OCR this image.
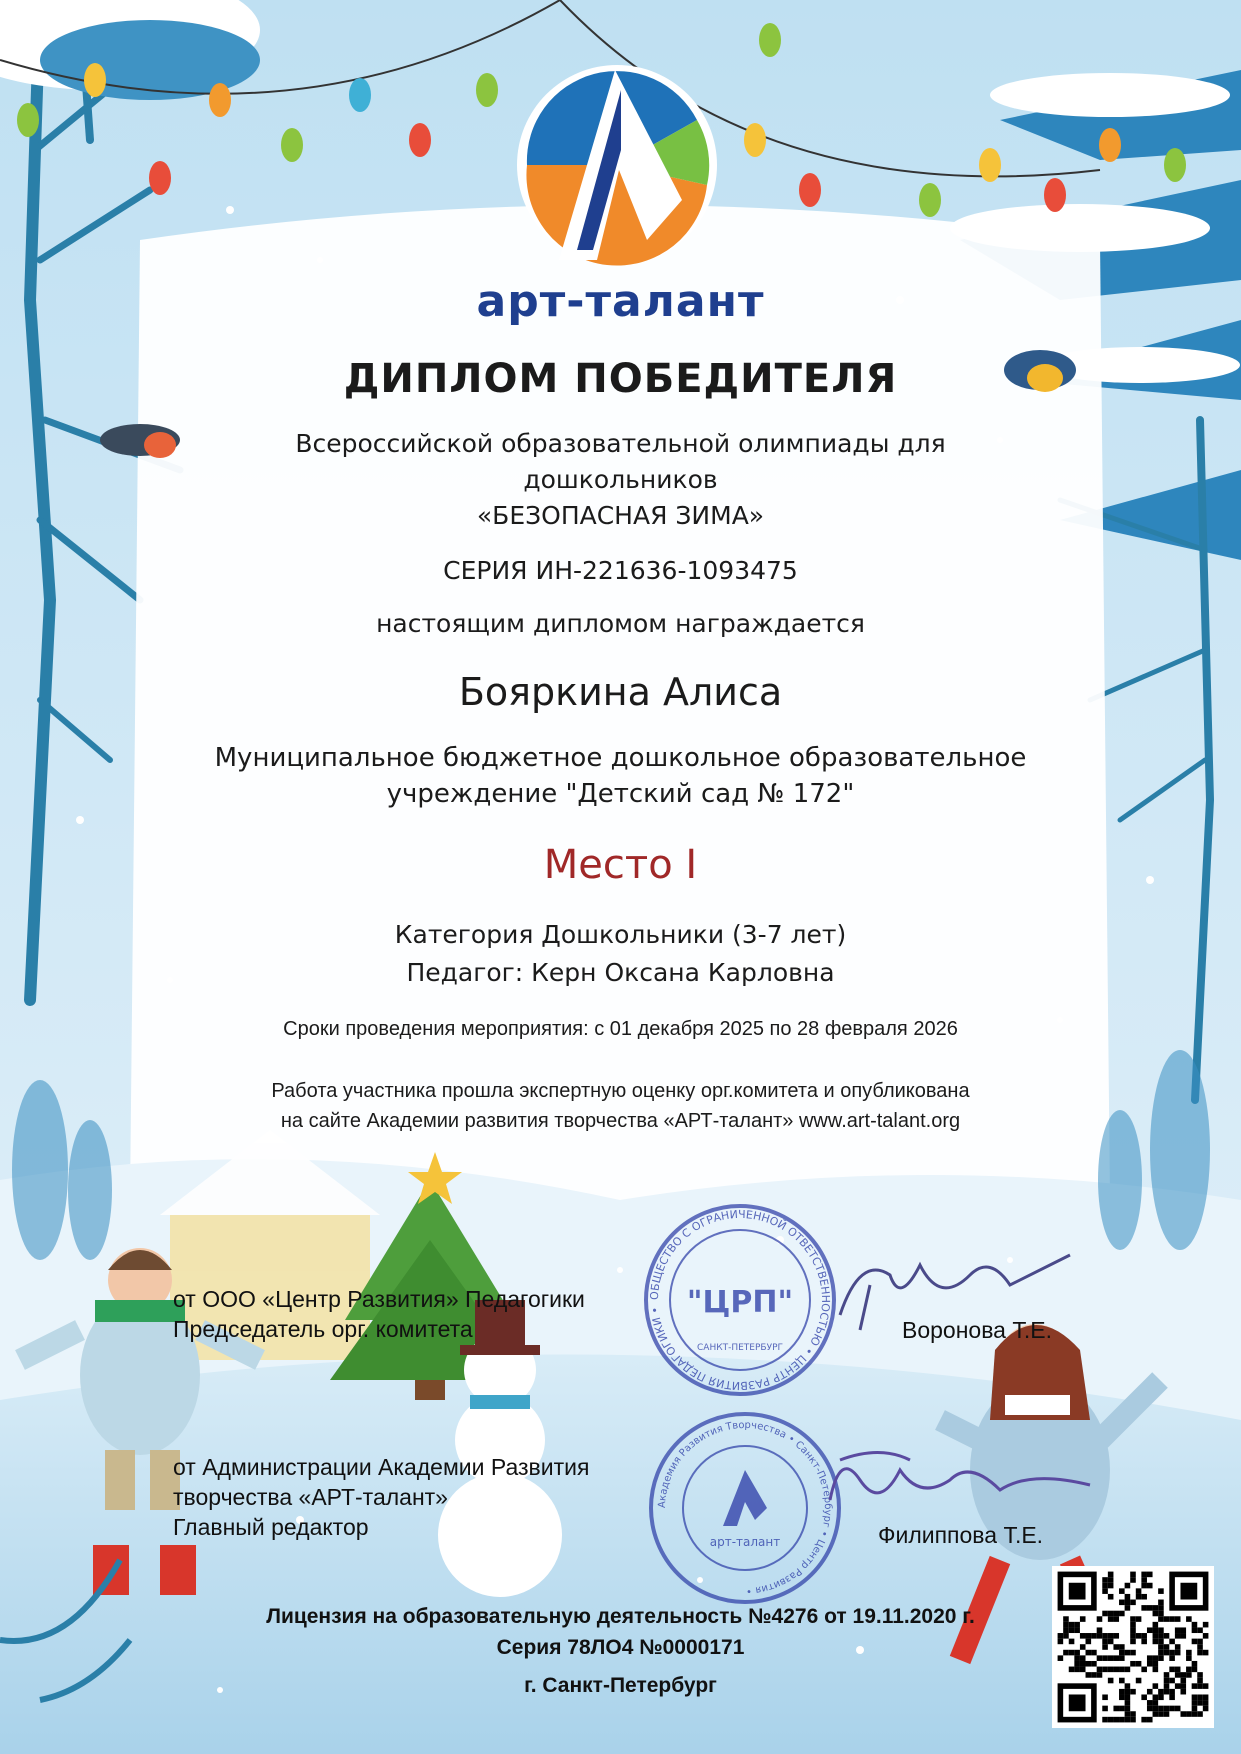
арт-талант
ДИПЛОМ ПОБЕДИТЕЛЯ
Всероссийской образовательной олимпиады для
дошкольников
«БЕЗОПАСНАЯ ЗИМА»
СЕРИЯ ИН-221636-1093475
настоящим дипломом награждается
Бояркина Алиса
Муниципальное бюджетное дошкольное образовательное
учреждение "Детский сад № 172"
Место I
Категория Дошкольники (3-7 лет)
Педагог: Керн Оксана Карловна
Сроки проведения мероприятия: с 01 декабря 2025 по 28 февраля 2026
Работа участника прошла экспертную оценку орг.комитета и опубликована
на сайте Академии развития творчества «АРТ-талант» www.art-talant.org
ОБЩЕСТВО С ОГРАНИЧЕННОЙ ОТВЕТСТВЕННОСТЬЮ • ЦЕНТР РАЗВИТИЯ ПЕДАГОГИКИ • "ЦРП"
САНКТ-ПЕТЕРБУРГ
Академия Развития Творчества • Санкт-Петербург • Центр Развития •
арт-талант
от ООО «Центр Развития» Педагогики
Председатель орг. комитета	Воронова Т.Е.
от Администрации Академии Развития
творчества «АРТ-талант»
Главный редактор	Филиппова Т.Е.
Лицензия на образовательную деятельность №4276 от 19.11.2020 г.
Серия 78ЛО4 №0000171
г. Санкт-Петербург
